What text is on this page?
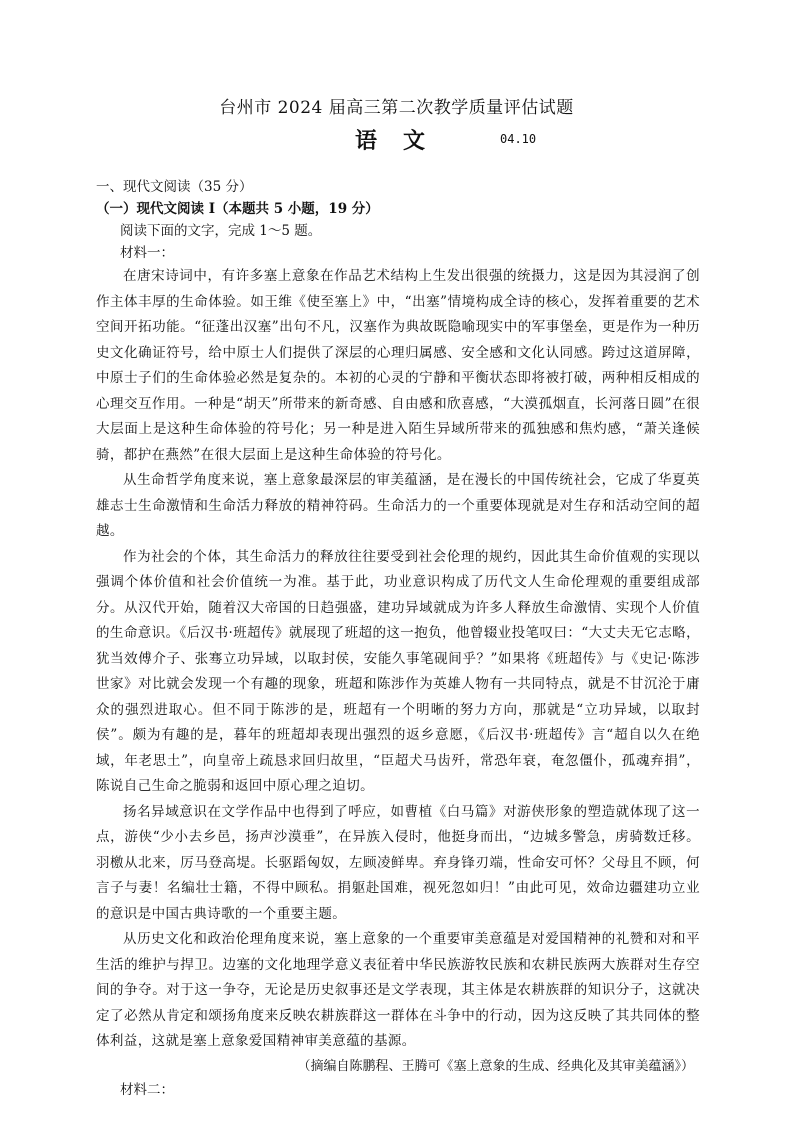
台州市 2024 届高三第二次教学质量评估试题
语文	04.10

一、现代文阅读（35 分）

（一）现代文阅读 I（本题共 5 小题，19 分）

阅读下面的文字，完成 1～5 题。

材料一：

在唐宋诗词中，有许多塞上意象在作品艺术结构上生发出很强的统摄力，这是因为其浸润了创作主体丰厚的生命体验。如王维《使至塞上》中，“出塞”情境构成全诗的核心，发挥着重要的艺术空间开拓功能。“征蓬出汉塞”出句不凡，汉塞作为典故既隐喻现实中的军事堡垒，更是作为一种历史文化确证符号，给中原士人们提供了深层的心理归属感、安全感和文化认同感。跨过这道屏障，中原士子们的生命体验必然是复杂的。本初的心灵的宁静和平衡状态即将被打破，两种相反相成的心理交互作用。一种是“胡天”所带来的新奇感、自由感和欣喜感，“大漠孤烟直，长河落日圆”在很大层面上是这种生命体验的符号化；另一种是进入陌生异域所带来的孤独感和焦灼感，“萧关逢候骑，都护在燕然”在很大层面上是这种生命体验的符号化。

从生命哲学角度来说，塞上意象最深层的审美蕴涵，是在漫长的中国传统社会，它成了华夏英雄志士生命激情和生命活力释放的精神符码。生命活力的一个重要体现就是对生存和活动空间的超越。

作为社会的个体，其生命活力的释放往往要受到社会伦理的规约，因此其生命价值观的实现以强调个体价值和社会价值统一为准。基于此，功业意识构成了历代文人生命伦理观的重要组成部分。从汉代开始，随着汉大帝国的日趋强盛，建功异域就成为许多人释放生命激情、实现个人价值的生命意识。《后汉书·班超传》就展现了班超的这一抱负，他曾辍业投笔叹曰：“大丈夫无它志略，犹当效傅介子、张骞立功异域，以取封侯，安能久事笔砚间乎？”如果将《班超传》与《史记·陈涉世家》对比就会发现一个有趣的现象，班超和陈涉作为英雄人物有一共同特点，就是不甘沉沦于庸众的强烈进取心。但不同于陈涉的是，班超有一个明晰的努力方向，那就是“立功异域，以取封侯”。颇为有趣的是，暮年的班超却表现出强烈的返乡意愿，《后汉书·班超传》言“超自以久在绝域，年老思土”，向皇帝上疏恳求回归故里，“臣超犬马齿歼，常恐年衰，奄忽僵仆，孤魂弃捐”，陈说自己生命之脆弱和返回中原心理之迫切。

扬名异域意识在文学作品中也得到了呼应，如曹植《白马篇》对游侠形象的塑造就体现了这一点，游侠“少小去乡邑，扬声沙漠垂”，在异族入侵时，他挺身而出，“边城多警急，虏骑数迁移。羽檄从北来，厉马登高堤。长驱蹈匈奴，左顾凌鲜卑。弃身锋刃端，性命安可怀？父母且不顾，何言子与妻！名编壮士籍，不得中顾私。捐躯赴国难，视死忽如归！”由此可见，效命边疆建功立业的意识是中国古典诗歌的一个重要主题。

从历史文化和政治伦理角度来说，塞上意象的一个重要审美意蕴是对爱国精神的礼赞和对和平生活的维护与捍卫。边塞的文化地理学意义表征着中华民族游牧民族和农耕民族两大族群对生存空间的争夺。对于这一争夺，无论是历史叙事还是文学表现，其主体是农耕族群的知识分子，这就决定了必然从肯定和颂扬角度来反映农耕族群这一群体在斗争中的行动，因为这反映了其共同体的整体利益，这就是塞上意象爱国精神审美意蕴的基源。

（摘编自陈鹏程、王腾可《塞上意象的生成、经典化及其审美蕴涵》）

材料二：
